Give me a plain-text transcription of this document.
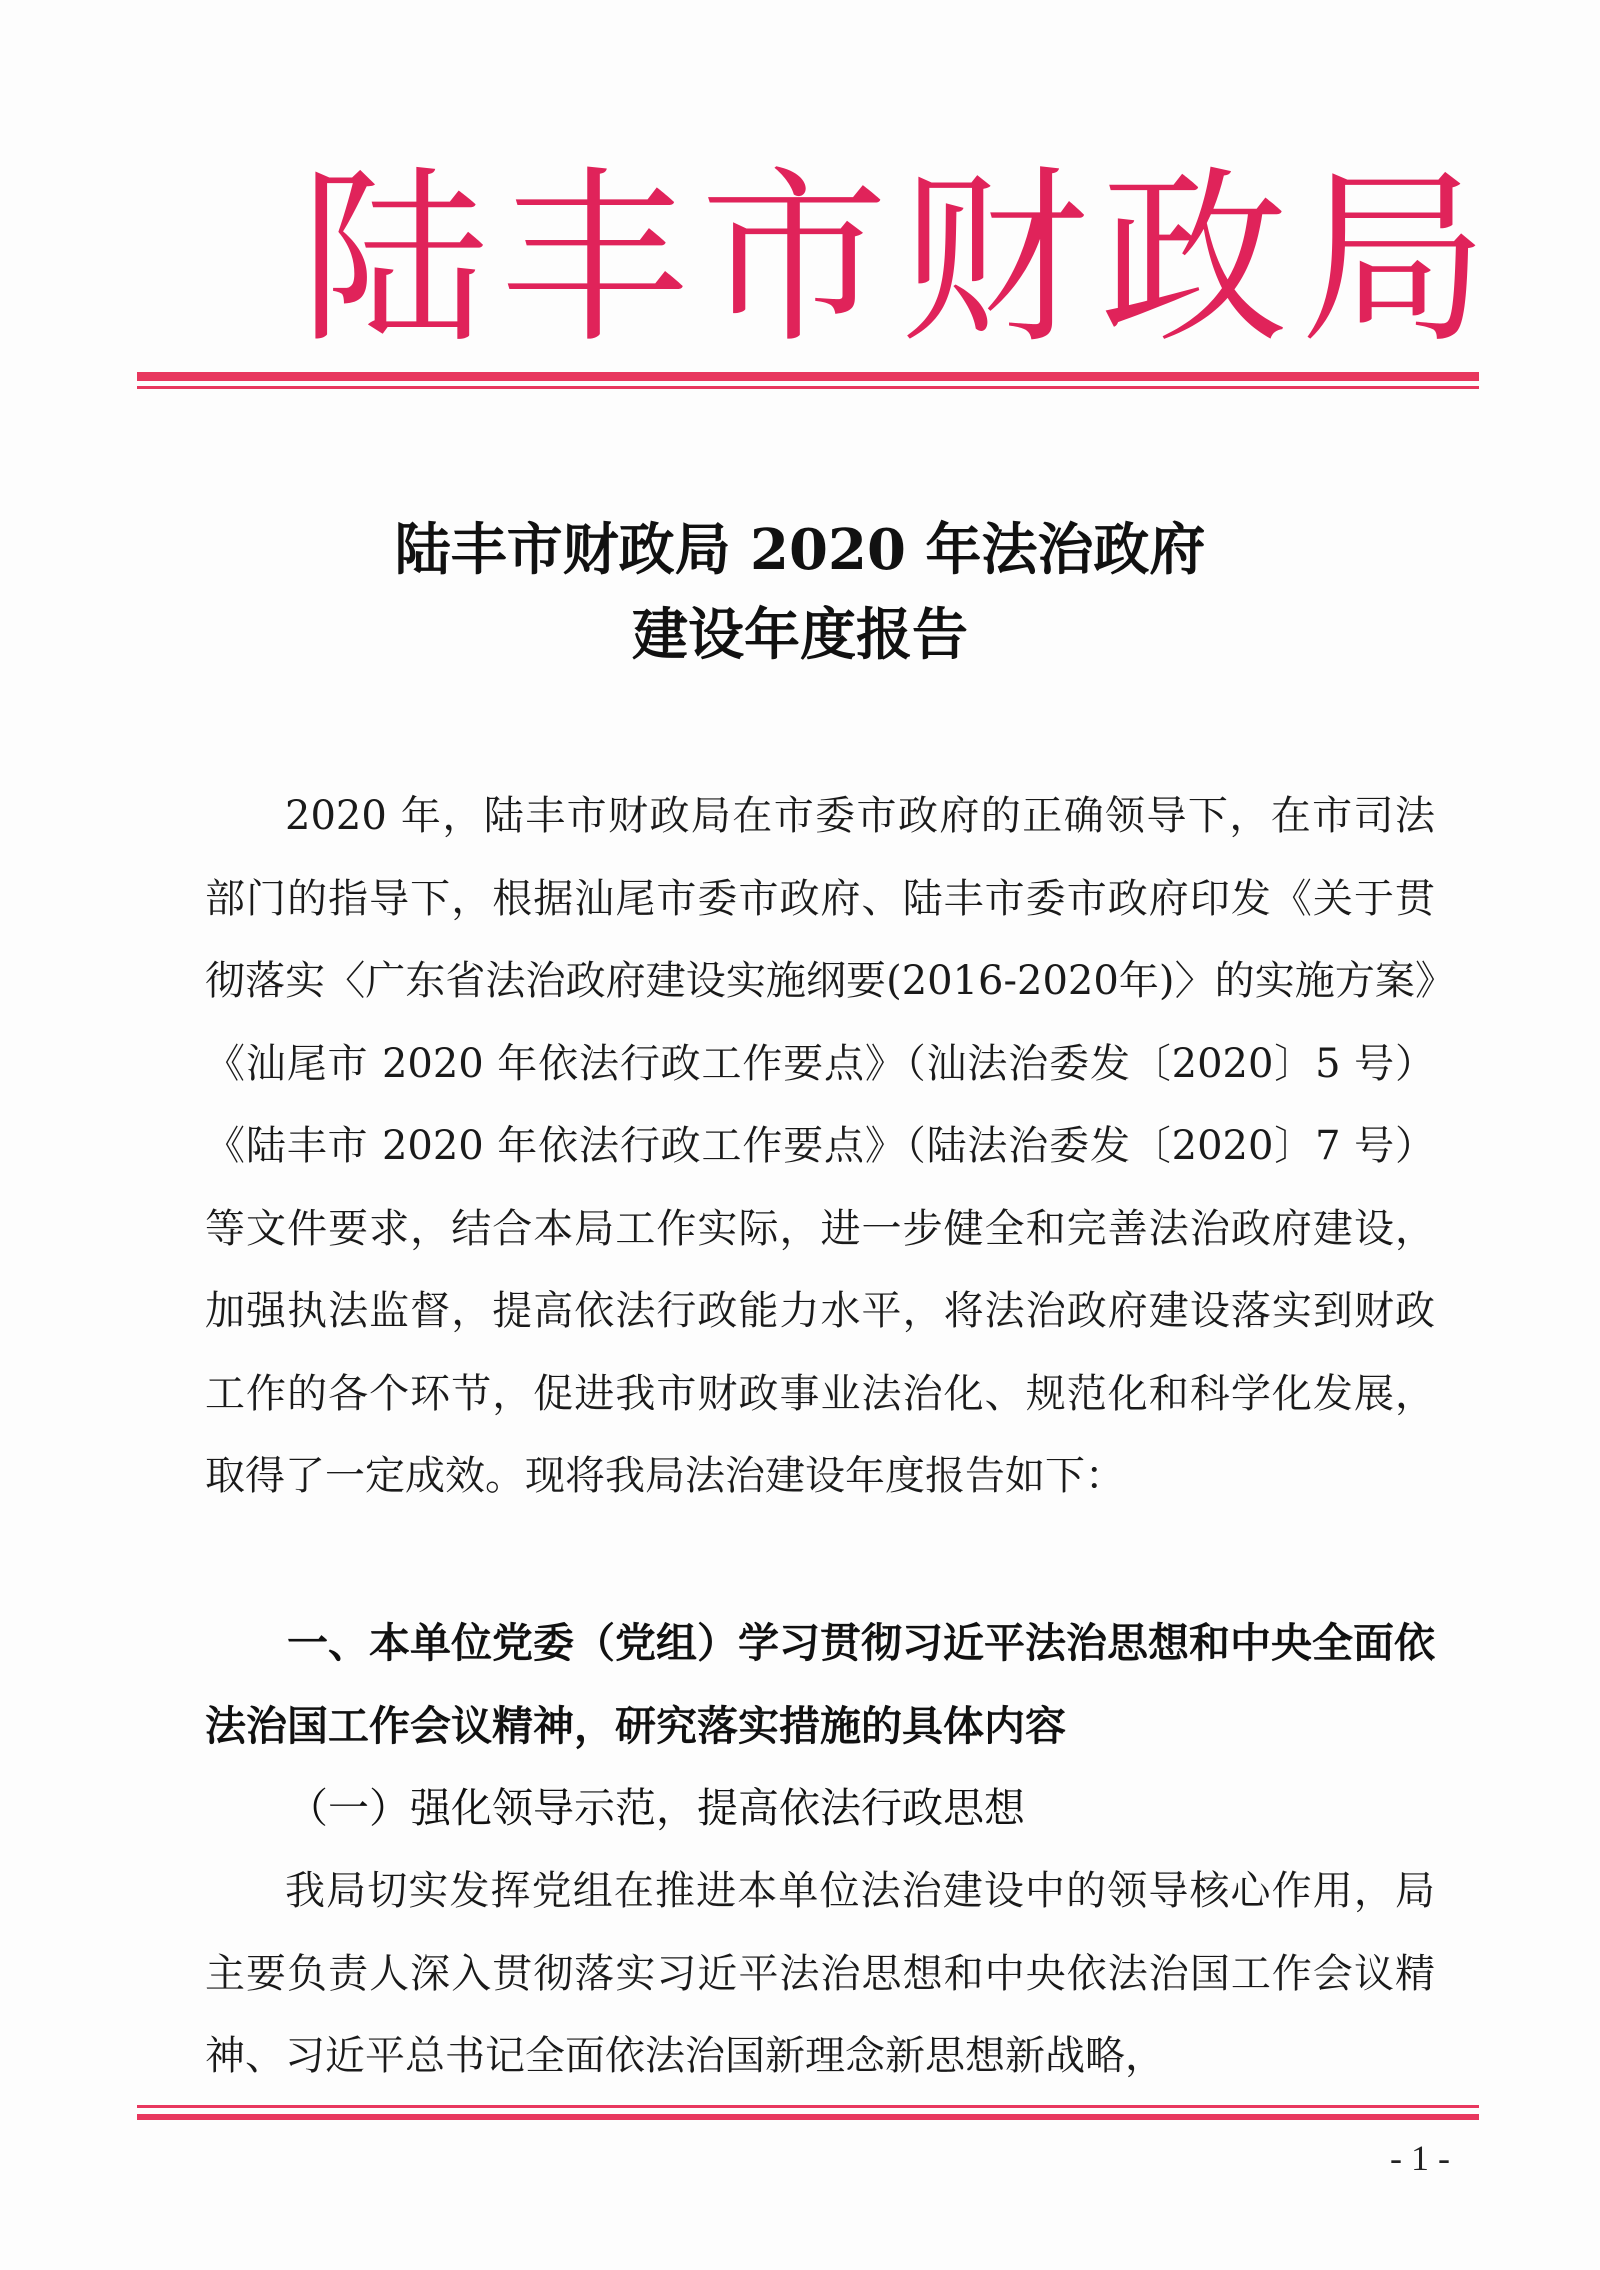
陆丰市财政局
陆丰市财政局 2020 年法治政府
建设年度报告

2020 年，陆丰市财政局在市委市政府的正确领导下，在市司法部门的指导下，根据汕尾市委市政府、陆丰市委市政府印发《关于贯彻落实〈广东省法治政府建设实施纲要(2016-2020年)〉的实施方案》《汕尾市 2020 年依法行政工作要点》（汕法治委发〔2020〕5 号）《陆丰市 2020 年依法行政工作要点》（陆法治委发〔2020〕7 号）等文件要求，结合本局工作实际，进一步健全和完善法治政府建设，加强执法监督，提高依法行政能力水平，将法治政府建设落实到财政工作的各个环节，促进我市财政事业法治化、规范化和科学化发展，取得了一定成效。现将我局法治建设年度报告如下：

一、本单位党委（党组）学习贯彻习近平法治思想和中央全面依法治国工作会议精神，研究落实措施的具体内容

（一）强化领导示范，提高依法行政思想

我局切实发挥党组在推进本单位法治建设中的领导核心作用，局主要负责人深入贯彻落实习近平法治思想和中央依法治国工作会议精神、习近平总书记全面依法治国新理念新思想新战略，

- 1 -
